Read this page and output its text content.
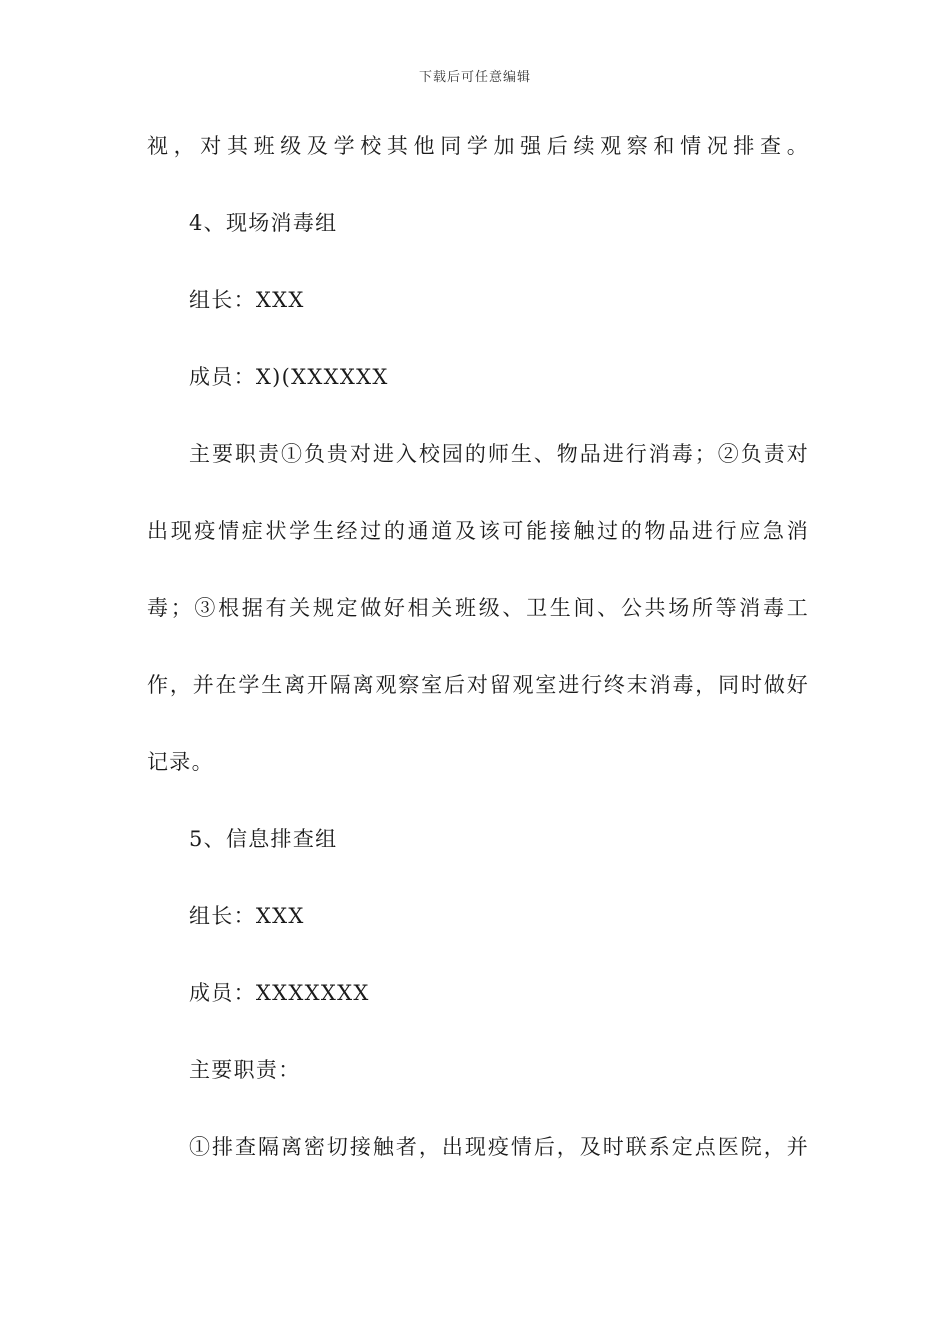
下载后可任意编辑
视，对其班级及学校其他同学加强后续观察和情况排查。
4、现场消毒组
组长：XXX
成员：X)(XXXXXX
主要职责①负贵对进入校园的师生、物品进行消毒；②负责对
出现疫情症状学生经过的通道及该可能接触过的物品进行应急消
毒；③根据有关规定做好相关班级、卫生间、公共场所等消毒工
作，并在学生离开隔离观察室后对留观室进行终末消毒，同时做好
记录。
5、信息排查组
组长：XXX
成员：XXXXXXX
主要职责：
①排查隔离密切接触者，出现疫情后，及时联系定点医院，并
